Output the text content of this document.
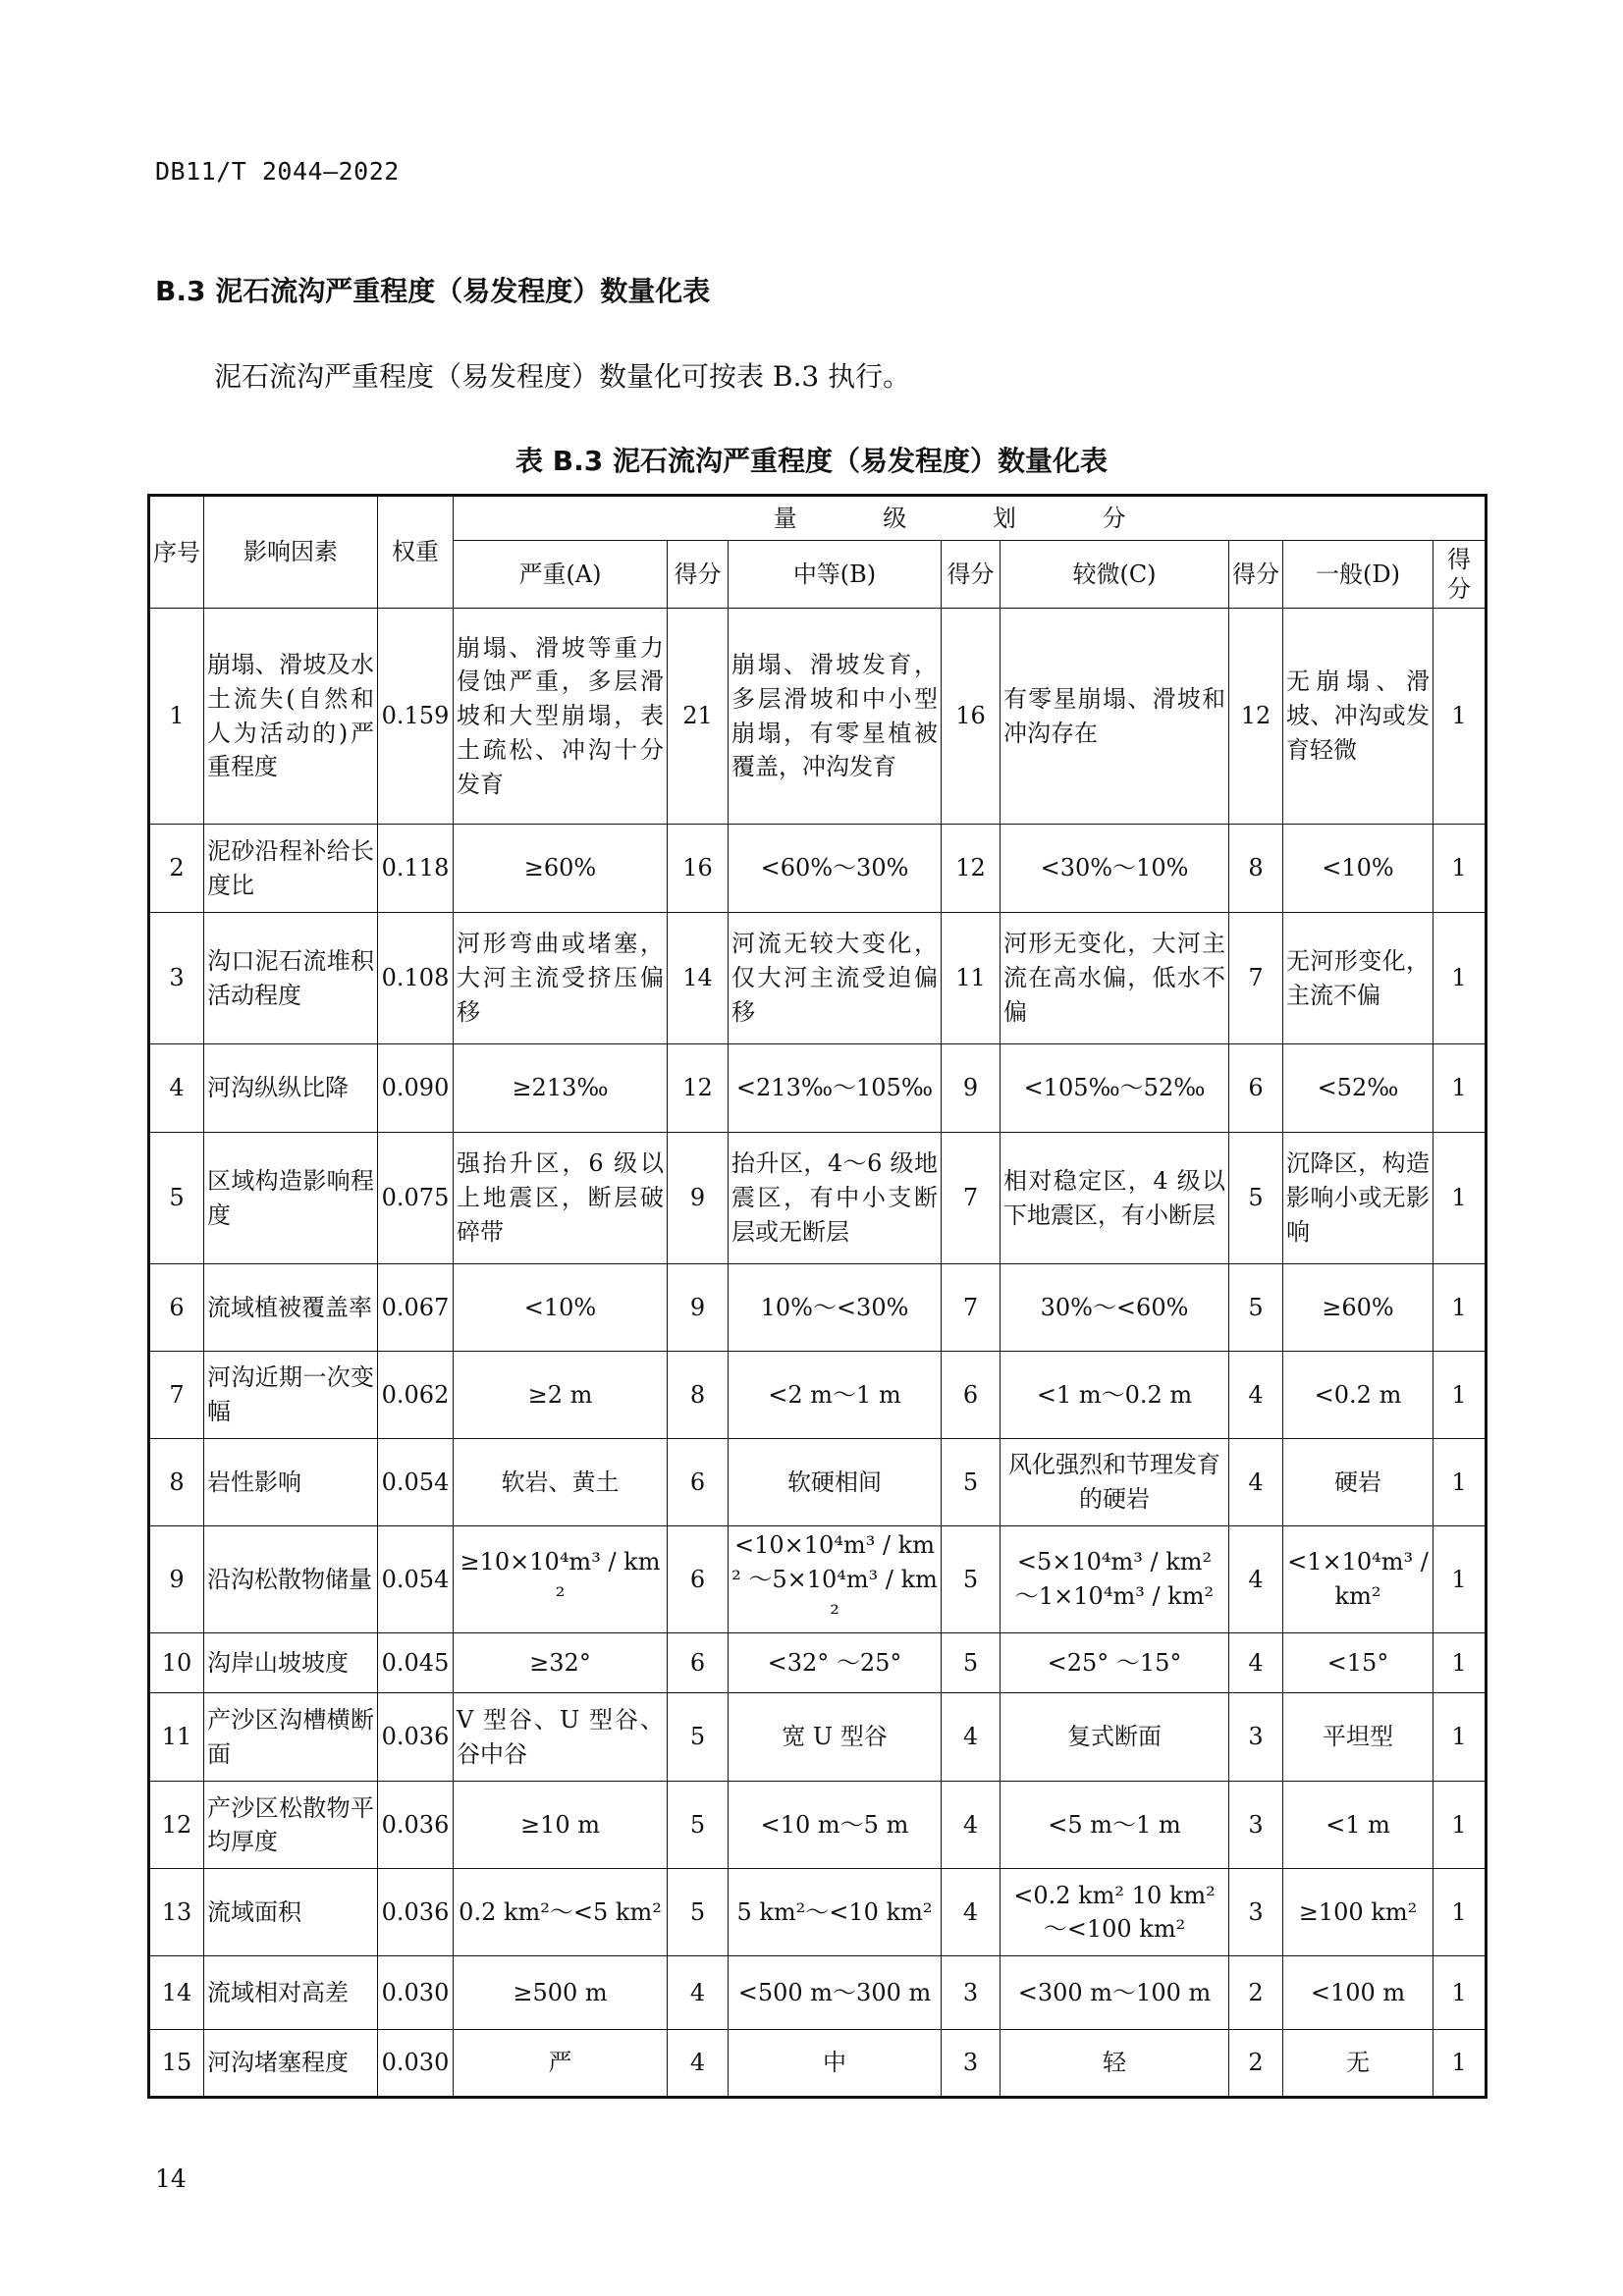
DB11/T 2044—2022
B.3 泥石流沟严重程度（易发程度）数量化表
泥石流沟严重程度（易发程度）数量化可按表 B.3 执行。
表 B.3 泥石流沟严重程度（易发程度）数量化表
序号	影响因素	权重	量 级 划 分							
			严重(A)	得分	中等(B)	得分	较微(C)	得分	一般(D)	得分
1	崩塌、滑坡及水土流失(自然和人为活动的)严重程度	0.159	崩塌、滑坡等重力侵蚀严重，多层滑坡和大型崩塌，表土疏松、冲沟十分发育	21	崩塌、滑坡发育，多层滑坡和中小型崩塌，有零星植被覆盖，冲沟发育	16	有零星崩塌、滑坡和冲沟存在	12	无崩塌、滑坡、冲沟或发育轻微	1
2	泥砂沿程补给长度比	0.118	≥60%	16	<60%～30%	12	<30%～10%	8	<10%	1
3	沟口泥石流堆积活动程度	0.108	河形弯曲或堵塞，大河主流受挤压偏移	14	河流无较大变化，仅大河主流受迫偏移	11	河形无变化，大河主流在高水偏，低水不偏	7	无河形变化，主流不偏	1
4	河沟纵纵比降	0.090	≥213‰	12	<213‰～105‰	9	<105‰～52‰	6	<52‰	1
5	区域构造影响程度	0.075	强抬升区，6 级以上地震区，断层破碎带	9	抬升区，4～6 级地震区，有中小支断层或无断层	7	相对稳定区，4 级以下地震区，有小断层	5	沉降区，构造影响小或无影响	1
6	流域植被覆盖率	0.067	<10%	9	10%～<30%	7	30%～<60%	5	≥60%	1
7	河沟近期一次变幅	0.062	≥2 m	8	<2 m～1 m	6	<1 m～0.2 m	4	<0.2 m	1
8	岩性影响	0.054	软岩、黄土	6	软硬相间	5	风化强烈和节理发育的硬岩	4	硬岩	1
9	沿沟松散物储量	0.054	≥10×10⁴m³ / km²	6	<10×10⁴m³ / km² ～5×10⁴m³ / km²	5	<5×10⁴m³ / km² ～1×10⁴m³ / km²	4	<1×10⁴m³ / km²	1
10	沟岸山坡坡度	0.045	≥32°	6	<32° ～25°	5	<25° ～15°	4	<15°	1
11	产沙区沟槽横断面	0.036	V 型谷、U 型谷、谷中谷	5	宽 U 型谷	4	复式断面	3	平坦型	1
12	产沙区松散物平均厚度	0.036	≥10 m	5	<10 m～5 m	4	<5 m～1 m	3	<1 m	1
13	流域面积	0.036	0.2 km²～<5 km²	5	5 km²～<10 km²	4	<0.2 km² 10 km²～<100 km²	3	≥100 km²	1
14	流域相对高差	0.030	≥500 m	4	<500 m～300 m	3	<300 m～100 m	2	<100 m	1
15	河沟堵塞程度	0.030	严	4	中	3	轻	2	无	1
14
